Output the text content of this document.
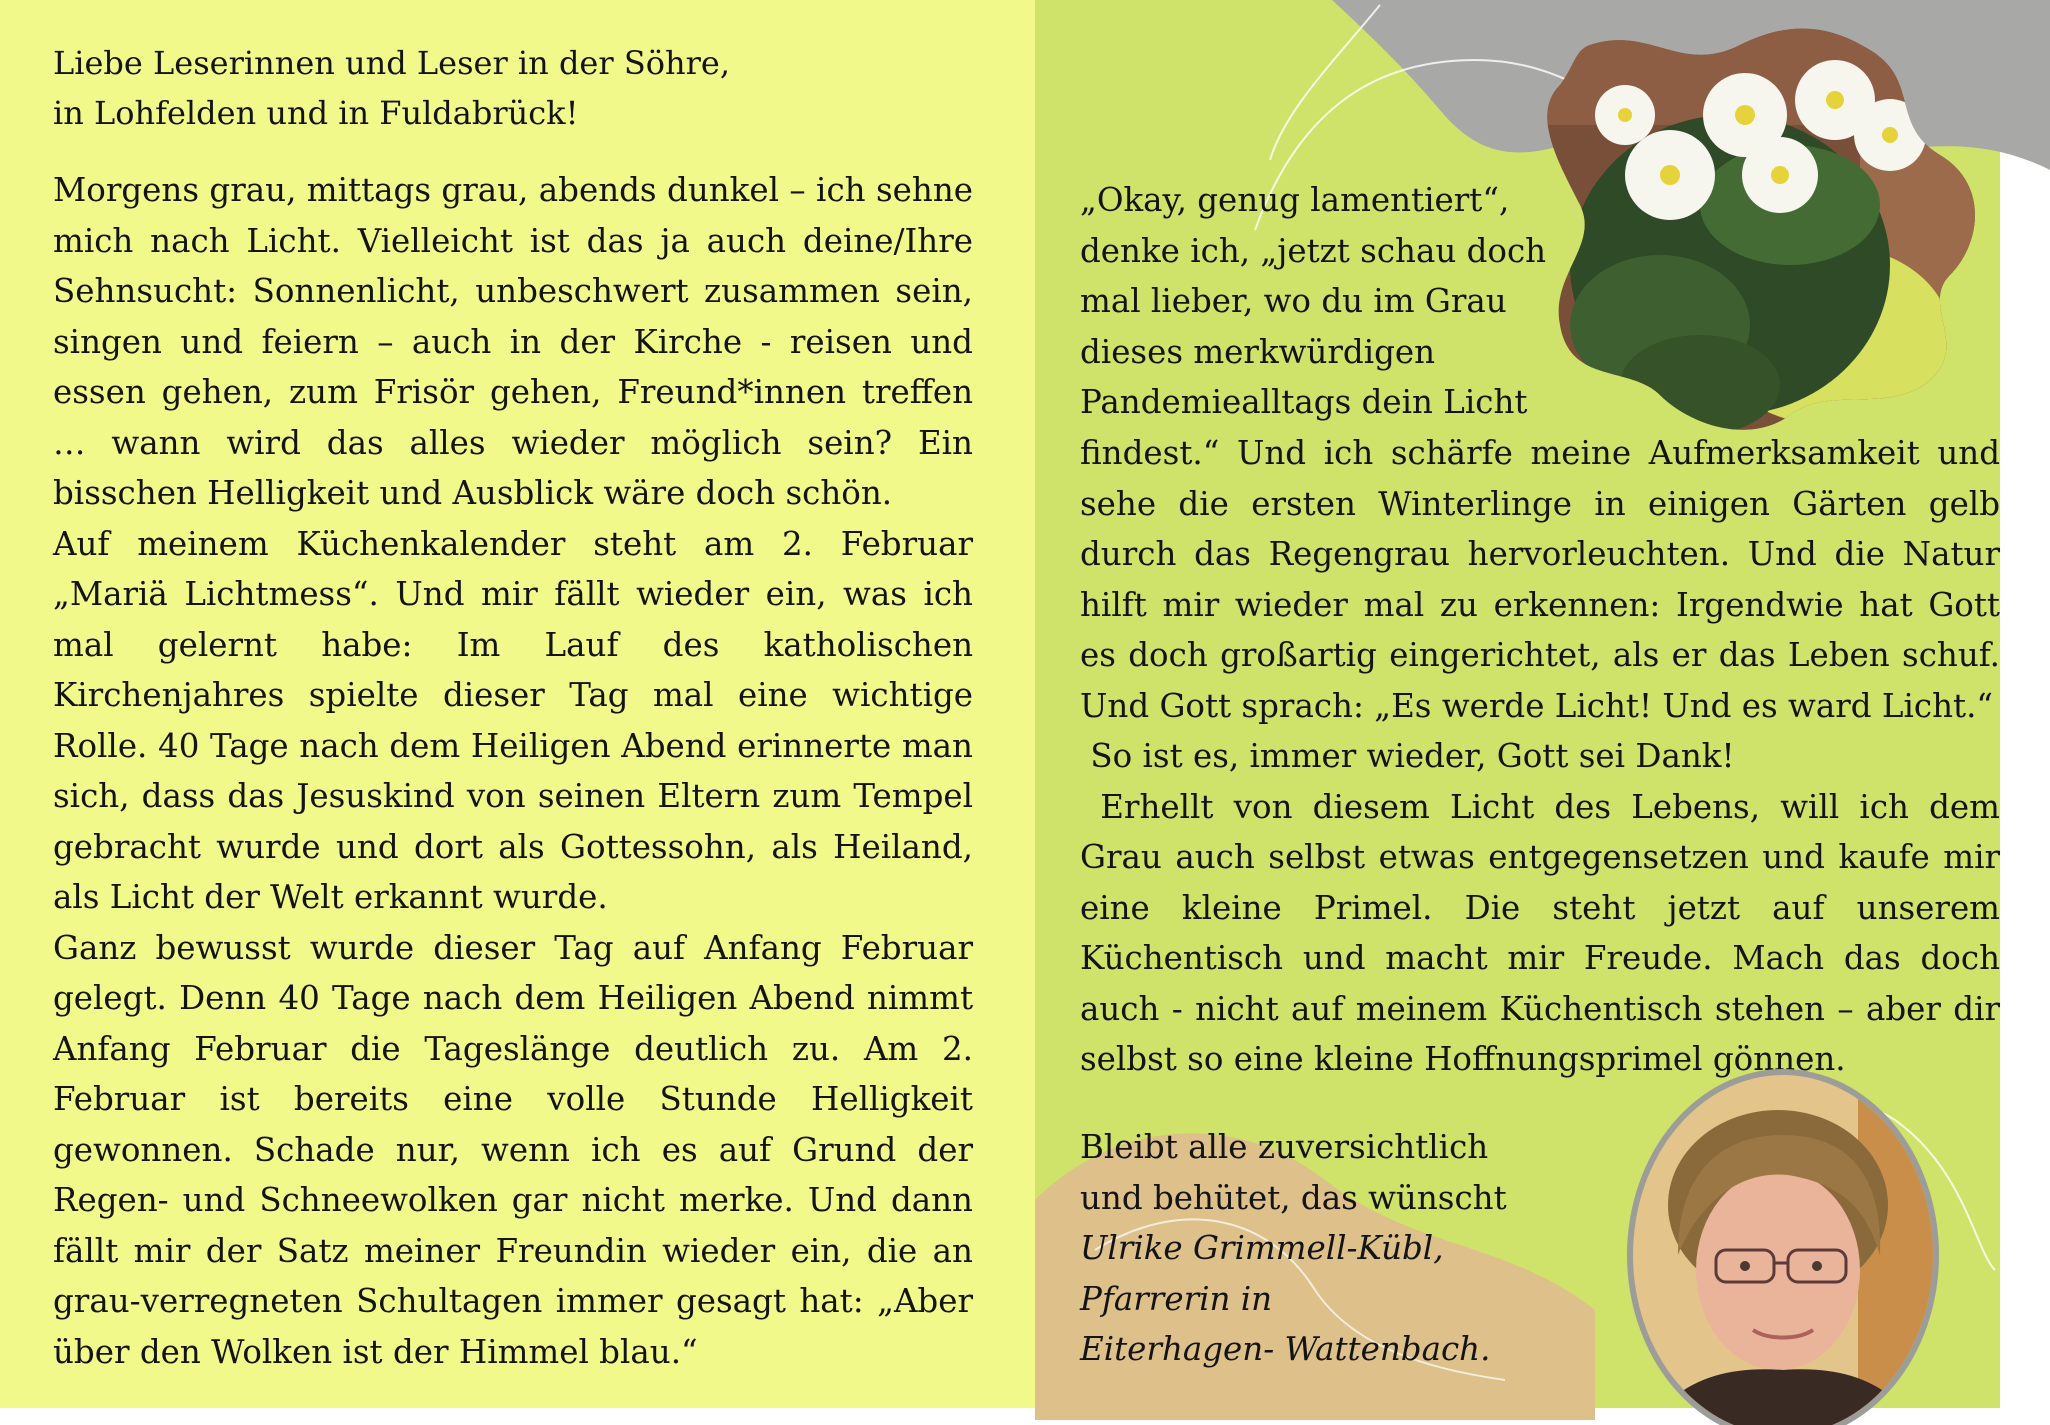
Liebe Leserinnen und Leser in der Söhre,
in Lohfelden und in Fuldabrück!

Morgens grau, mittags grau, abends dunkel – ich sehne mich nach Licht. Vielleicht ist das ja auch deine/Ihre Sehnsucht: Sonnenlicht, unbeschwert zusammen sein, singen und feiern – auch in der Kirche - reisen und essen gehen, zum Frisör gehen, Freund*innen treffen … wann wird das alles wieder möglich sein? Ein bisschen Helligkeit und Ausblick wäre doch schön.

Auf meinem Küchenkalender steht am 2. Februar „Mariä Lichtmess“. Und mir fällt wieder ein, was ich mal gelernt habe: Im Lauf des katholischen Kirchenjahres spielte dieser Tag mal eine wichtige Rolle. 40 Tage nach dem Heiligen Abend erinnerte man sich, dass das Jesuskind von seinen Eltern zum Tempel gebracht wurde und dort als Gottessohn, als Heiland, als Licht der Welt erkannt wurde.

Ganz bewusst wurde dieser Tag auf Anfang Februar gelegt. Denn 40 Tage nach dem Heiligen Abend nimmt Anfang Februar die Tageslänge deutlich zu. Am 2. Februar ist bereits eine volle Stunde Helligkeit gewonnen. Schade nur, wenn ich es auf Grund der Regen- und Schneewolken gar nicht merke. Und dann fällt mir der Satz meiner Freundin wieder ein, die an grau-verregneten Schultagen immer gesagt hat: „Aber über den Wolken ist der Himmel blau.“

„Okay, genug lamentiert“,
denke ich, „jetzt schau doch
mal lieber, wo du im Grau
dieses merkwürdigen
Pandemiealltags dein Licht

findest.“ Und ich schärfe meine Aufmerksamkeit und sehe die ersten Winterlinge in einigen Gärten gelb durch das Regengrau hervorleuchten. Und die Natur hilft mir wieder mal zu erkennen: Irgendwie hat Gott es doch großartig eingerichtet, als er das Leben schuf. Und Gott sprach: „Es werde Licht! Und es ward Licht.“

So ist es, immer wieder, Gott sei Dank!

Erhellt von diesem Licht des Lebens, will ich dem Grau auch selbst etwas entgegensetzen und kaufe mir eine kleine Primel. Die steht jetzt auf unserem Küchentisch und macht mir Freude. Mach das doch auch - nicht auf meinem Küchentisch stehen – aber dir selbst so eine kleine Hoffnungsprimel gönnen.

Bleibt alle zuversichtlich
und behütet, das wünscht
Ulrike Grimmell-Kübl,
Pfarrerin in
Eiterhagen- Wattenbach.
